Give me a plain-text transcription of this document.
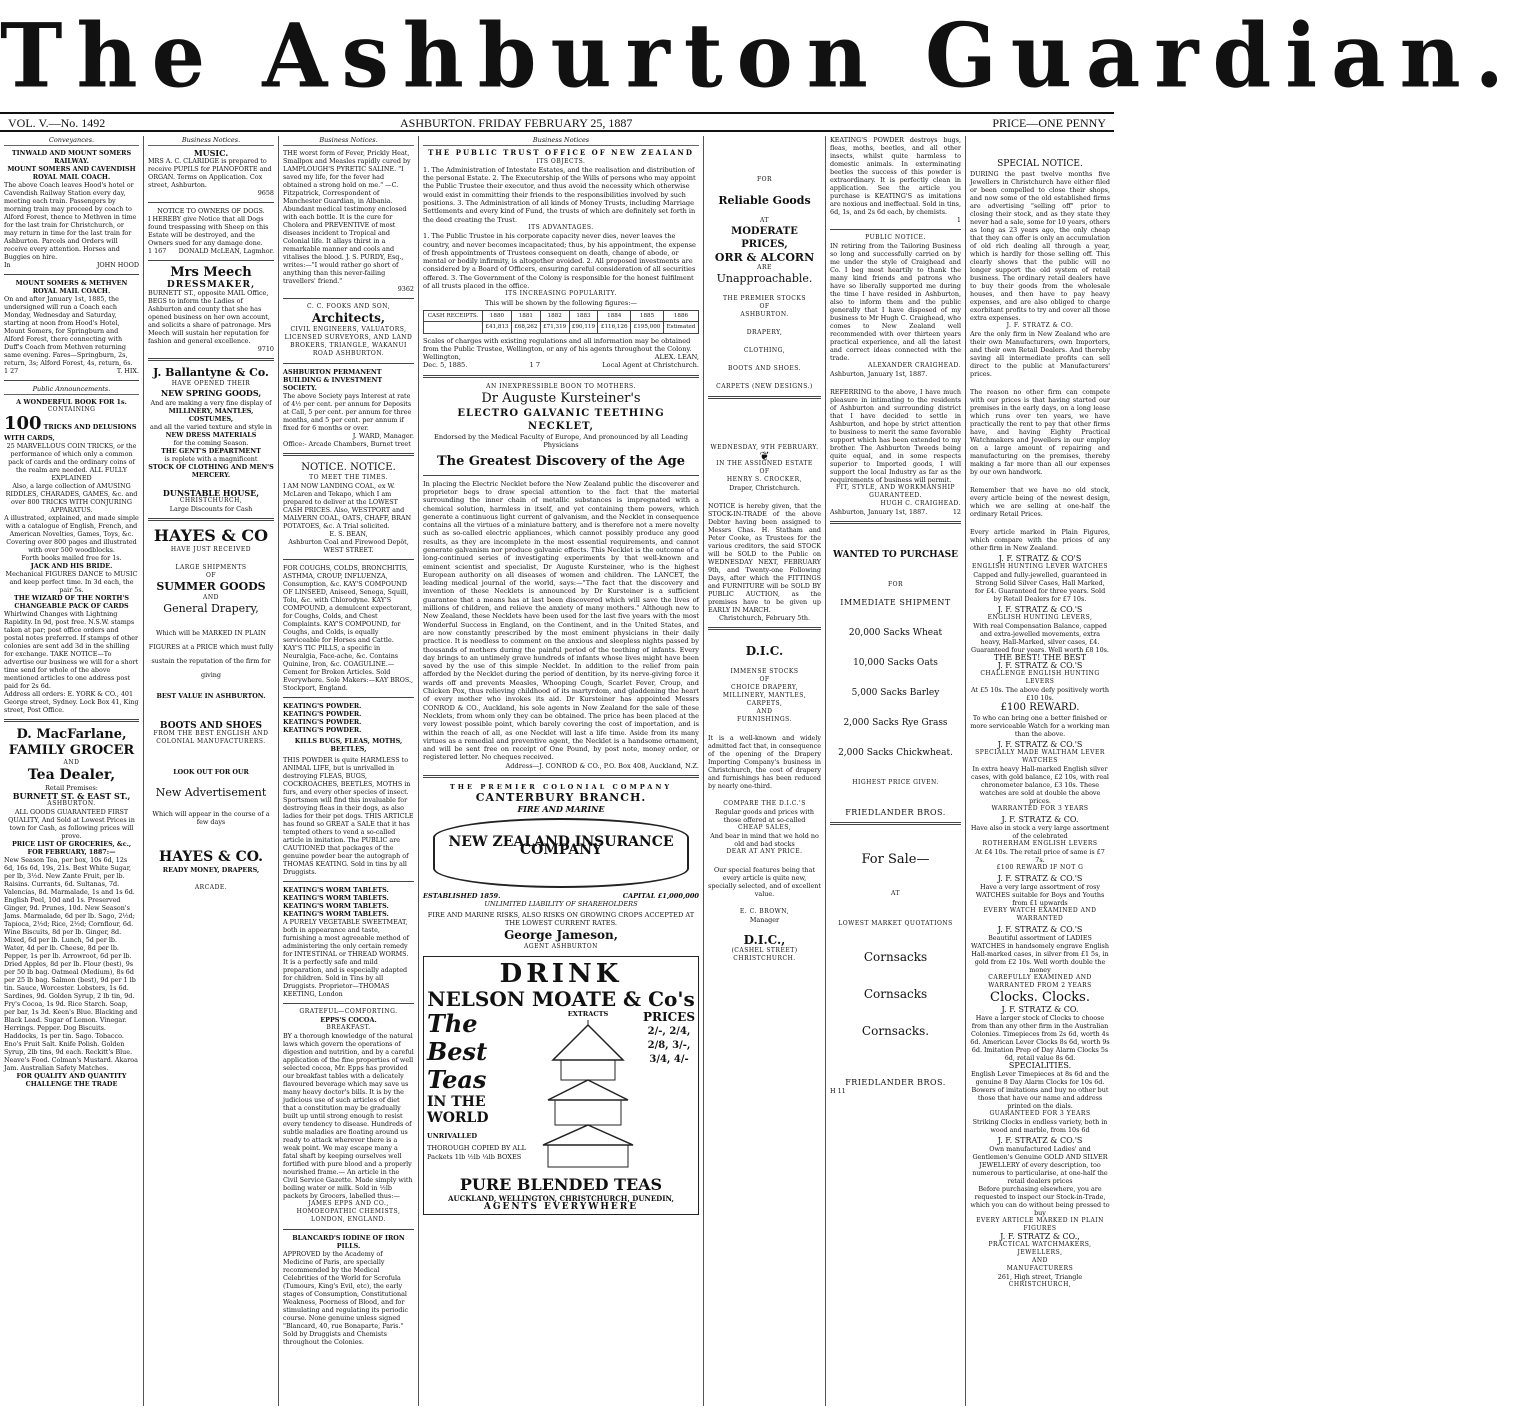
The Ashburton Guardian.
VOL. V.—No. 1492	ASHBURTON. FRIDAY FEBRUARY 25, 1887	PRICE—ONE PENNY
Conveyances.
TINWALD AND MOUNT SOMERS RAILWAY.
MOUNT SOMERS AND CAVENDISH ROYAL MAIL COACH.
The above Coach leaves Hood's hotel or Cavendish Railway Station every day, meeting each train. Passengers by morning train may proceed by coach to Alford Forest, thence to Methven in time for the last train for Christchurch, or may return in time for the last train for Ashburton. Parcels and Orders will receive every attention. Horses and Buggies on hire.
In	JOHN HOOD
MOUNT SOMERS & METHVEN ROYAL MAIL COACH.
On and after January 1st, 1885, the undersigned will run a Coach each Monday, Wednesday and Saturday, starting at noon from Hood's Hotel, Mount Somers, for Springburn and Alford Forest, there connecting with Duff's Coach from Methven returning same evening. Fares—Springburn, 2s, return, 3s; Alford Forest, 4s, return, 6s.
1 27	T. HIX.
Public Announcements.
A WONDERFUL BOOK FOR 1s.
CONTAINING
100 TRICKS AND DELUSIONS WITH CARDS,
25 MARVELLOUS COIN TRICKS, or the performance of which only a common pack of cards and the ordinary coins of the realm are needed. ALL FULLY EXPLAINED
Also, a large collection of AMUSING RIDDLES, CHARADES, GAMES, &c. and over 800 TRICKS WITH CONJURING APPARATUS.
A illustrated, explained, and made simple with a catalogue of English, French, and American Novelties, Games, Toys, &c. Covering over 800 pages and illustrated with over 500 woodblocks.
Forth books mailed free for 1s.
JACK AND HIS BRIDE.
Mechanical FIGURES DANCE to MUSIC and keep perfect time. In 3d each, the pair 5s.
THE WIZARD OF THE NORTH'S CHANGEABLE PACK OF CARDS
Whirlwind Changes with Lightning Rapidity. In 9d, post free. N.S.W. stamps taken at par; post office orders and postal notes preferred. If stamps of other colonies are sent add 3d in the shilling for exchange. TAKE NOTICE—To advertise our business we will for a short time send for whole of the above mentioned articles to one address post paid for 2s 6d.
Address all orders: E. YORK & CO., 401 George street, Sydney. Lock Box 41, King street, Post Office.
D. MacFarlane,
FAMILY GROCER
AND
Tea Dealer,
Retail Premises:
BURNETT ST. & EAST ST.,
ASHBURTON.
ALL GOODS GUARANTEED FIRST QUALITY, And Sold at Lowest Prices in town for Cash, as following prices will prove.
PRICE LIST OF GROCERIES, &c.,
FOR FEBRUARY, 1887:—
New Season Tea, per box, 10s 6d, 12s 6d, 16s 6d, 19s, 21s. Best White Sugar, per lb, 3½d. New Zante Fruit, per lb. Raisins. Currants, 6d. Sultanas, 7d. Valencias, 8d. Marmalade, 1s and 1s 6d. English Peel, 10d and 1s. Preserved Ginger, 9d. Prunes, 10d. New Season's Jams. Marmalade, 6d per lb. Sago, 2½d; Tapioca, 2½d; Rice, 2½d; Cornflour, 6d. Wine Biscuits, 8d per lb. Ginger, 8d. Mixed, 6d per lb. Lunch, 5d per lb. Water, 4d per lb. Cheese, 8d per lb. Pepper, 1s per lb. Arrowroot, 6d per lb. Dried Apples, 8d per lb. Flour (best), 9s per 50 lb bag. Oatmeal (Medium), 8s 6d per 25 lb bag. Salmon (best), 9d per 1 lb tin. Sauce, Worcester. Lobsters, 1s 6d. Sardines, 9d. Golden Syrup, 2 lb tin, 9d. Fry's Cocoa, 1s 9d. Rice Starch. Soap, per bar, 1s 3d. Keen's Blue. Blacking and Black Lead. Sugar of Lemon. Vinegar. Herrings. Pepper. Dog Biscuits. Haddocks, 1s per tin. Sago. Tobacco. Eno's Fruit Salt. Knife Polish. Golden Syrup, 2lb tins, 9d each. Reckitt's Blue. Neave's Food. Colman's Mustard. Akaroa Jam. Australian Safety Matches.
FOR QUALITY AND QUANTITY CHALLENGE THE TRADE
Business Notices.
MUSIC.
MRS A. C. CLARIDGE is prepared to receive PUPILS for PIANOFORTE and ORGAN. Terms on Application. Cox street, Ashburton.
9658
NOTICE TO OWNERS OF DOGS.
I HEREBY give Notice that all Dogs found trespassing with Sheep on this Estate will be destroyed, and the Owners sued for any damage done.
1 167 DONALD McLEAN, Lagmhor.
Mrs Meech
DRESSMAKER,
BURNETT ST., opposite MAIL Office, BEGS to inform the Ladies of Ashburton and county that she has opened business on her own account, and solicits a share of patronage. Mrs Meech will sustain her reputation for fashion and general excellence.
9710
J. Ballantyne & Co.
HAVE OPENED THEIR
NEW SPRING GOODS,
And are making a very fine display of
MILLINERY, MANTLES, COSTUMES,
and all the varied texture and style in
NEW DRESS MATERIALS
for the coming Season.
THE GENT'S DEPARTMENT
is replete with a magnificent
STOCK OF CLOTHING AND MEN'S MERCERY.
DUNSTABLE HOUSE,
CHRISTCHURCH,
Large Discounts for Cash
HAYES & CO
HAVE JUST RECEIVED
LARGE SHIPMENTS
OF
SUMMER GOODS
AND
General Drapery,
Which will be MARKED IN PLAIN FIGURES at a PRICE which must fully sustain the reputation of the firm for giving
BEST VALUE IN ASHBURTON.
BOOTS AND SHOES
FROM THE BEST ENGLISH AND COLONIAL MANUFACTURERS.
LOOK OUT FOR OUR
New Advertisement
Which will appear in the course of a few days
HAYES & CO.
READY MONEY, DRAPERS,
ARCADE.
Business Notices.
THE worst form of Fever, Prickly Heat, Smallpox and Measles rapidly cured by LAMPLOUGH'S PYRETIC SALINE. "I saved my life, for the fever had obtained a strong hold on me." —C. Fitzpatrick, Correspondent of Manchester Guardian, in Albania. Abundant medical testimony enclosed with each bottle. It is the cure for Cholera and PREVENTIVE of most diseases incident to Tropical and Colonial life. It allays thirst in a remarkable manner and cools and vitalises the blood. J. S. PURDY, Esq., writes:—"I would rather go short of anything than this never-failing travellers' friend."
9362
C. C. FOOKS AND SON,
Architects,
CIVIL ENGINEERS, VALUATORS, LICENSED SURVEYORS, AND LAND BROKERS, TRIANGLE, WAKANUI ROAD ASHBURTON.
ASHBURTON PERMANENT BUILDING & INVESTMENT SOCIETY.
The above Society pays Interest at rate of 4½ per cent. per annum for Deposits at Call, 5 per cent. per annum for three months, and 5 per cent. per annum if fixed for 6 months or over.
J. WARD, Manager.
Office:- Arcade Chambers, Burnet treet
NOTICE. NOTICE.
TO MEET THE TIMES.
I AM NOW LANDING COAL, ex W. McLaren and Tekapo, which I am prepared to deliver at the LOWEST CASH PRICES. Also, WESTPORT and MALVERN COAL, OATS, CHAFF, BRAN POTATOES, &c. A Trial solicited.
E. S. BEAN,
Ashburton Coal and Firewood Depôt, WEST STREET.
FOR COUGHS, COLDS, BRONCHITIS, ASTHMA, CROUP, INFLUENZA, Consumption, &c. KAY'S COMPOUND OF LINSEED, Aniseed, Senega, Squill, Tolu, &c. with Chlorodyne. KAY'S COMPOUND, a demulcent expectorant, for Coughs, Colds, and Chest Complaints. KAY'S COMPOUND, for Coughs, and Colds, is equally serviceable for Horses and Cattle. KAY'S TIC PILLS, a specific in Neuralgia, Face-ache, &c. Contains Quinine, Iron, &c. COAGULINE.—Cement for Broken Articles. Sold Everywhere. Sole Makers:—KAY BROS., Stockport, England.
KEATING'S POWDER.
KEATING'S POWDER.
KEATING'S POWDER.
KEATING'S POWDER.
KILLS BUGS, FLEAS, MOTHS, BEETLES,
THIS POWDER is quite HARMLESS to ANIMAL LIFE, but is unrivalled in destroying FLEAS, BUGS, COCKROACHES, BEETLES, MOTHS in furs, and every other species of insect. Sportsmen will find this invaluable for destroying fleas in their dogs, as also ladies for their pet dogs. THIS ARTICLE has found so GREAT a SALE that it has tempted others to vend a so-called article in imitation. The PUBLIC are CAUTIONED that packages of the genuine powder bear the autograph of THOMAS KEATING. Sold in tins by all Druggists.
KEATING'S WORM TABLETS.
KEATING'S WORM TABLETS.
KEATING'S WORM TABLETS.
KEATING'S WORM TABLETS.
A PURELY VEGETABLE SWEETMEAT, both in appearance and taste, furnishing a most agreeable method of administering the only certain remedy for INTESTINAL or THREAD WORMS. It is a perfectly safe and mild preparation, and is especially adapted for children. Sold in Tins by all Druggists. Proprietor—THOMAS KEETING, London
GRATEFUL—COMFORTING.
EPPS'S COCOA.
BREAKFAST.
BY a thorough knowledge of the natural laws which govern the operations of digestion and nutrition, and by a careful application of the fine properties of well selected cocoa, Mr. Epps has provided our breakfast tables with a delicately flavoured beverage which may save us many heavy doctor's bills. It is by the judicious use of such articles of diet that a constitution may be gradually built up until strong enough to resist every tendency to disease. Hundreds of subtle maladies are floating around us ready to attack wherever there is a weak point. We may escape many a fatal shaft by keeping ourselves well fortified with pure blood and a properly nourished frame.— An article in the Civil Service Gazette. Made simply with boiling water or milk. Sold in ½lb packets by Grocers, labelled thus:—
JAMES EPPS AND CO., HOMOEOPATHIC CHEMISTS, LONDON, ENGLAND.
BLANCARD'S IODINE OF IRON PILLS.
APPROVED by the Academy of Medicine of Paris, are specially recommended by the Medical Celebrities of the World for Scrofula (Tumours, King's Evil, etc), the early stages of Consumption, Constitutional Weakness, Poorness of Blood, and for stimulating and regulating its periodic course. None genuine unless signed "Blancard, 40, rue Bonaparte, Paris." Sold by Druggists and Chemists throughout the Colonies.
Business Notices
THE PUBLIC TRUST OFFICE OF NEW ZEALAND
ITS OBJECTS.
1. The Administration of Intestate Estates, and the realisation and distribution of the personal Estate. 2. The Executorship of the Wills of persons who may appoint the Public Trustee their executor, and thus avoid the necessity which otherwise would exist in committing their friends to the responsibilities involved by such positions. 3. The Administration of all kinds of Money Trusts, including Marriage Settlements and every kind of Fund, the trusts of which are definitely set forth in the deed creating the Trust.
ITS ADVANTAGES.
1. The Public Trustee in his corporate capacity never dies, never leaves the country, and never becomes incapacitated; thus, by his appointment, the expense of fresh appointments of Trustees consequent on death, change of abode, or mental or bodily infirmity, is altogether avoided. 2. All proposed investments are considered by a Board of Officers, ensuring careful consideration of all securities offered. 3. The Government of the Colony is responsible for the honest fulfilment of all trusts placed in the office.
ITS INCREASING POPULARITY.
This will be shown by the following figures:—
CASH RECEIPTS.	1880	1881	1882	1883	1884	1885	1886
	£41,813	£68,262	£71,319	£90,119	£116,126	£195,000	Estimated
Scales of charges with existing regulations and all information may be obtained from the Public Trustee, Wellington, or any of his agents throughout the Colony.
Wellington,	ALEX. LEAN,
Dec. 5, 1885.	1 7	Local Agent at Christchurch.
AN INEXPRESSIBLE BOON TO MOTHERS.
Dr Auguste Kursteiner's
ELECTRO GALVANIC TEETHING NECKLET,
Endorsed by the Medical Faculty of Europe, And pronounced by all Leading Physicians
The Greatest Discovery of the Age
In placing the Electric Necklet before the New Zealand public the discoverer and proprietor begs to draw special attention to the fact that the material surrounding the inner chain of metallic substances is impregnated with a chemical solution, harmless in itself, and yet containing them powers, which generate a continuous light current of galvanism, and the Necklet in consequence contains all the virtues of a miniature battery, and is therefore not a mere novelty such as so-called electric appliances, which cannot possibly produce any good results, as they are incomplete in the most essential requirements, and cannot generate galvanism nor produce galvanic effects. This Necklet is the outcome of a long-continued series of investigating experiments by that well-known and eminent scientist and specialist, Dr Auguste Kursteiner, who is the highest European authority on all diseases of women and children. The LANCET, the leading medical journal of the world, says:—"The fact that the discovery and invention of these Necklets is announced by Dr Kursteiner is a sufficient guarantee that a means has at last been discovered which will save the lives of millions of children, and relieve the anxiety of many mothers." Although new to New Zealand, these Necklets have been used for the last five years with the most Wonderful Success in England, on the Continent, and in the United States, and are now constantly prescribed by the most eminent physicians in their daily practice. It is needless to comment on the anxious and sleepless nights passed by thousands of mothers during the painful period of the teething of infants. Every day brings to an untimely grave hundreds of infants whose lives might have been saved by the use of this simple Necklet. In addition to the relief from pain afforded by the Necklet during the period of dentition, by its nerve-giving force it wards off and prevents Measles, Whooping Cough, Scarlet Fever, Croup, and Chicken Pox, thus relieving childhood of its martyrdom, and gladdening the heart of every mother who invokes its aid. Dr Kursteiner has appointed Messrs CONROD & CO., Auckland, his sole agents in New Zealand for the sale of these Necklets, from whom only they can be obtained. The price has been placed at the very lowest possible point, which barely covering the cost of importation, and is within the reach of all, as one Necklet will last a life time. Aside from its many virtues as a remedial and preventive agent, the Necklet is a handsome ornament, and will be sent free on receipt of One Pound, by post note, money order, or registered letter. No cheques received.
Address—J. CONROD & CO., P.O. Box 408, Auckland, N.Z.
THE PREMIER COLONIAL COMPANY
CANTERBURY BRANCH.
FIRE AND MARINE
NEW ZEALAND INSURANCE COMPANY
ESTABLISHED 1859.	CAPITAL £1,000,000
UNLIMITED LIABILITY OF SHAREHOLDERS
FIRE AND MARINE RISKS, ALSO RISKS ON GROWING CROPS ACCEPTED AT THE LOWEST CURRENT RATES.
George Jameson,
AGENT ASHBURTON
DRINK
NELSON MOATE & Co's
The
Best Teas
IN THE WORLD
UNRIVALLED
THOROUGH COPIED BY ALL Packets 1lb ½lb ¼lb BOXES
EXTRACTS	PRICES
2/-, 2/4, 2/8, 3/-, 3/4, 4/-
PURE BLENDED TEAS
AUCKLAND, WELLINGTON, CHRISTCHURCH, DUNEDIN,
AGENTS EVERYWHERE
FOR
Reliable Goods
AT
MODERATE PRICES,
ORR & ALCORN
ARE
Unapproachable.
THE PREMIER STOCKS
OF
ASHBURTON.
DRAPERY,
CLOTHING,
BOOTS AND SHOES.
CARPETS (NEW DESIGNS.)
WEDNESDAY, 9TH FEBRUARY.
❦
IN THE ASSIGNED ESTATE
OF
HENRY S. CROCKER,
Draper, Christchurch.
NOTICE is hereby given, that the STOCK-IN-TRADE of the above Debtor having been assigned to Messrs Chas. H. Statham and Peter Cooke, as Trustees for the various creditors, the said STOCK will be SOLD to the Public on WEDNESDAY NEXT, FEBRUARY 9th, and Twenty-one Following Days, after which the FITTINGS and FURNITURE will be SOLD BY PUBLIC AUCTION, as the premises have to be given up EARLY IN MARCH.
Christchurch, February 5th.
D.I.C.
IMMENSE STOCKS
OF
CHOICE DRAPERY,
MILLINERY, MANTLES,
CARPETS,
AND
FURNISHINGS.
It is a well-known and widely admitted fact that, in consequence of the opening of the Drapery Importing Company's business in Christchurch, the cost of drapery and furnishings has been reduced by nearly one-third.
COMPARE THE D.I.C.'S
Regular goods and prices with those offered at so-called
CHEAP SALES,
And bear in mind that we hold no old and bad stocks
DEAR AT ANY PRICE.
Our special features being that every article is quite new, specially selected, and of excellent value.
E. C. BROWN,
Manager
D.I.C.,
(CASHEL STREET)
CHRISTCHURCH.
KEATING'S POWDER destroys bugs, fleas, moths, beetles, and all other insects, whilst quite harmless to domestic animals. In exterminating beetles the success of this powder is extraordinary. It is perfectly clean in application. See the article you purchase is KEATING'S as imitations are noxious and ineffectual. Sold in tins, 6d, 1s, and 2s 6d each, by chemists.
1
PUBLIC NOTICE.
IN retiring from the Tailoring Business so long and successfully carried on by me under the style of Craighead and Co. I beg most heartily to thank the many kind friends and patrons who have so liberally supported me during the time I have resided in Ashburton, also to inform them and the public generally that I have disposed of my business to Mr Hugh C. Craighead, who comes to New Zealand well recommended with over thirteen years practical experience, and all the latest and correct ideas connected with the trade.
ALEXANDER CRAIGHEAD.
Ashburton, January 1st, 1887.
REFERRING to the above, I have much pleasure in intimating to the residents of Ashburton and surrounding district that I have decided to settle in Ashburton, and hope by strict attention to business to merit the same favorable support which has been extended to my brother. The Ashburton Tweeds being quite equal, and in some respects superior to Imported goods, I will support the local Industry as far as the requirements of business will permit.
FIT, STYLE, AND WORKMANSHIP GUARANTEED.
HUGH C. CRAIGHEAD.
Ashburton, January 1st, 1887.	12
WANTED TO PURCHASE
FOR
IMMEDIATE SHIPMENT
20,000 Sacks Wheat
10,000 Sacks Oats
5,000 Sacks Barley
2,000 Sacks Rye Grass
2,000 Sacks Chickwheat.
HIGHEST PRICE GIVEN.
FRIEDLANDER BROS.
For Sale—
AT
LOWEST MARKET QUOTATIONS
Cornsacks
Cornsacks
Cornsacks.
FRIEDLANDER BROS.
H 11
SPECIAL NOTICE.
DURING the past twelve months five Jewellers in Christchurch have either filed or been compelled to close their shops, and now some of the old established firms are advertising "selling off" prior to closing their stock, and as they state they never had a sale, some for 10 years, others as long as 23 years ago, the only cheap that they can offer is only an accumulation of old rich dealing all through a year, which is hardly for those selling off. This clearly shows that the public will no longer support the old system of retail business. The ordinary retail dealers have to buy their goods from the wholesale houses, and then have to pay heavy expenses, and are also obliged to charge exorbitant profits to try and cover all those extra expenses.
J. F. STRATZ & CO.
Are the only firm in New Zealand who are their own Manufacturers, own Importers, and their own Retail Dealers. And thereby saving all intermediate profits can sell direct to the public at Manufacturers' prices.
The reason no other firm can compete with our prices is that having started our premises in the early days, on a long lease which runs over ten years, we have practically the rent to pay that other firms have, and having Eighty Practical Watchmakers and Jewellers in our employ on a large amount of repairing and manufacturing on the premises, thereby making a far more than all our expenses by our own handwork.
Remember that we have no old stock, every article being of the newest design, which we are selling at one-half the ordinary Retail Prices.
Every article marked in Plain Figures, which compare with the prices of any other firm in New Zealand.
J. F. STRATZ & CO'S
ENGLISH HUNTING LEVER WATCHES
Capped and fully-jewelled, guaranteed in Strong Solid Silver Cases, Hall Marked, for £4. Guaranteed for three years. Sold by Retail Dealers for £7 10s.
J. F. STRATZ & CO.'S
ENGLISH HUNTING LEVERS,
With real Compensation Balance, capped and extra-jewelled movements, extra heavy, Hall-Marked, silver cases, £4. Guaranteed four years. Well worth £8 10s.
THE BEST! THE BEST
J. F. STRATZ & CO.'S
CHALLENGE ENGLISH HUNTING LEVERS
At £5 10s. The above defy positively worth £10 10s.
£100 REWARD.
To who can bring one a better finished or more serviceable Watch for a working man than the above.
J. F. STRATZ & CO.'S
SPECIALLY MADE WALTHAM LEVER WATCHES
In extra heavy Hall-marked English silver cases, with gold balance, £2 10s, with real chronometer balance, £3 10s. These watches are sold at double the above prices.
WARRANTED FOR 3 YEARS
J. F. STRATZ & CO.
Have also in stock a very large assortment of the celebrated
ROTHERHAM ENGLISH LEVERS
At £4 10s. The retail price of same is £7 7s.
£100 REWARD IF NOT G
J. F. STRATZ & CO.'S
Have a very large assortment of rosy WATCHES suitable for Boys and Youths from £1 upwards
EVERY WATCH EXAMINED AND WARRANTED
J. F. STRATZ & CO.'S
Beautiful assortment of LADIES WATCHES in handsomely engrave English Hall-marked cases, in silver from £1 5s, in gold from £2 10s. Well worth double the money
CAREFULLY EXAMINED AND WARRANTED FROM 2 YEARS
Clocks. Clocks.
J. F. STRATZ & CO.
Have a larger stock of Clocks to choose from than any other firm in the Australian Colonies. Timepieces from 2s 6d, worth 4s 6d. American Lever Clocks 8s 6d, worth 9s 6d. Imitation Prep of Day Alarm Clocks 5s 6d, retail value 8s 6d.
SPECIALITIES.
English Lever Timepieces at 8s 6d and the genuine 8 Day Alarm Clocks for 10s 6d. Bowers of imitations and buy no other but those that have our name and address printed on the dials.
GUARANTEED FOR 3 YEARS
Striking Clocks in endless variety, both in wood and marble, from 10s 6d
J. F. STRATZ & CO.'S
Own manufactured Ladies' and Gentlemen's Genuine GOLD AND SILVER JEWELLERY of every description, too numerous to particularise, at one-half the retail dealers prices
Before purchasing elsewhere, you are requested to inspect our Stock-in-Trade, which you can do without being pressed to buy
EVERY ARTICLE MARKED IN PLAIN FIGURES
J. F. STRATZ & CO.,
PRACTICAL WATCHMAKERS, JEWELLERS,
AND
MANUFACTURERS
261, High street, Triangle
CHRISTCHURCH,
